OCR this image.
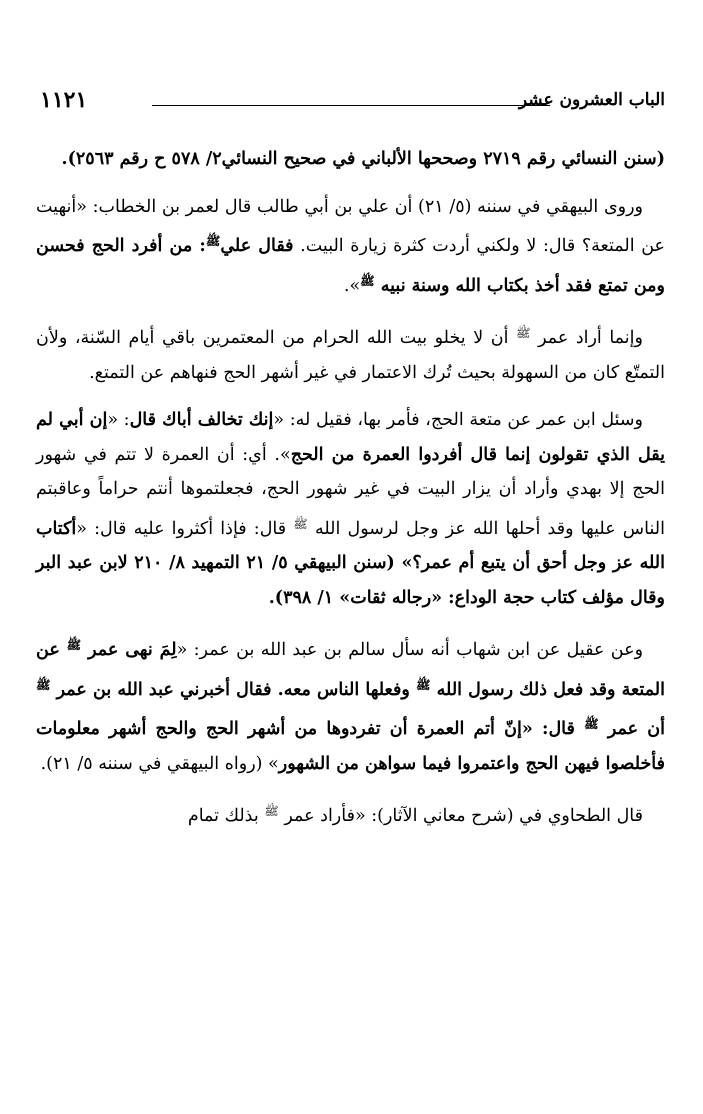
١١٢١	الباب العشرون عشر

(سنن النسائي رقم ٢٧١٩ وصححها الألباني في صحيح النسائي٢/ ٥٧٨ ح رقم ٢٥٦٣).

وروى البيهقي في سننه (٥/ ٢١) أن علي بن أبي طالب قال لعمر بن الخطاب: «أنهيت عن المتعة؟ قال: لا ولكني أردت كثرة زيارة البيت. فقال علي$^ﷺ$: من أفرد الحج فحسن ومن تمتع فقد أخذ بكتاب الله وسنة نبيه $^ﷺ$».

وإنما أراد عمر $^ﷺ$ أن لا يخلو بيت الله الحرام من المعتمرين باقي أيام السّنة، ولأن التمتّع كان من السهولة بحيث تُرك الاعتمار في غير أشهر الحج فنهاهم عن التمتع.

وسئل ابن عمر عن متعة الحج، فأمر بها، فقيل له: «إنك تخالف أباك قال: «إن أبي لم يقل الذي تقولون إنما قال أفردوا العمرة من الحج». أي: أن العمرة لا تتم في شهور الحج إلا بهدي وأراد أن يزار البيت في غير شهور الحج، فجعلتموها أنتم حراماً وعاقبتم الناس عليها وقد أحلها الله عز وجل لرسول الله $^ﷺ$ قال: فإذا أكثروا عليه قال: «أكتاب الله عز وجل أحق أن يتبع أم عمر؟» (سنن البيهقي ٥/ ٢١ التمهيد ٨/ ٢١٠ لابن عبد البر وقال مؤلف كتاب حجة الوداع: «رجاله ثقات» ١/ ٣٩٨).

وعن عقيل عن ابن شهاب أنه سأل سالم بن عبد الله بن عمر: «لِمَ نهى عمر $^ﷺ$ عن المتعة وقد فعل ذلك رسول الله $^ﷺ$ وفعلها الناس معه. فقال أخبرني عبد الله بن عمر $^ﷺ$ أن عمر $^ﷺ$ قال: «إنّ أتم العمرة أن تفردوها من أشهر الحج والحج أشهر معلومات فأخلصوا فيهن الحج واعتمروا فيما سواهن من الشهور» (رواه البيهقي في سننه ٥/ ٢١).

قال الطحاوي في (شرح معاني الآثار): «فأراد عمر $^ﷺ$ بذلك تمام
